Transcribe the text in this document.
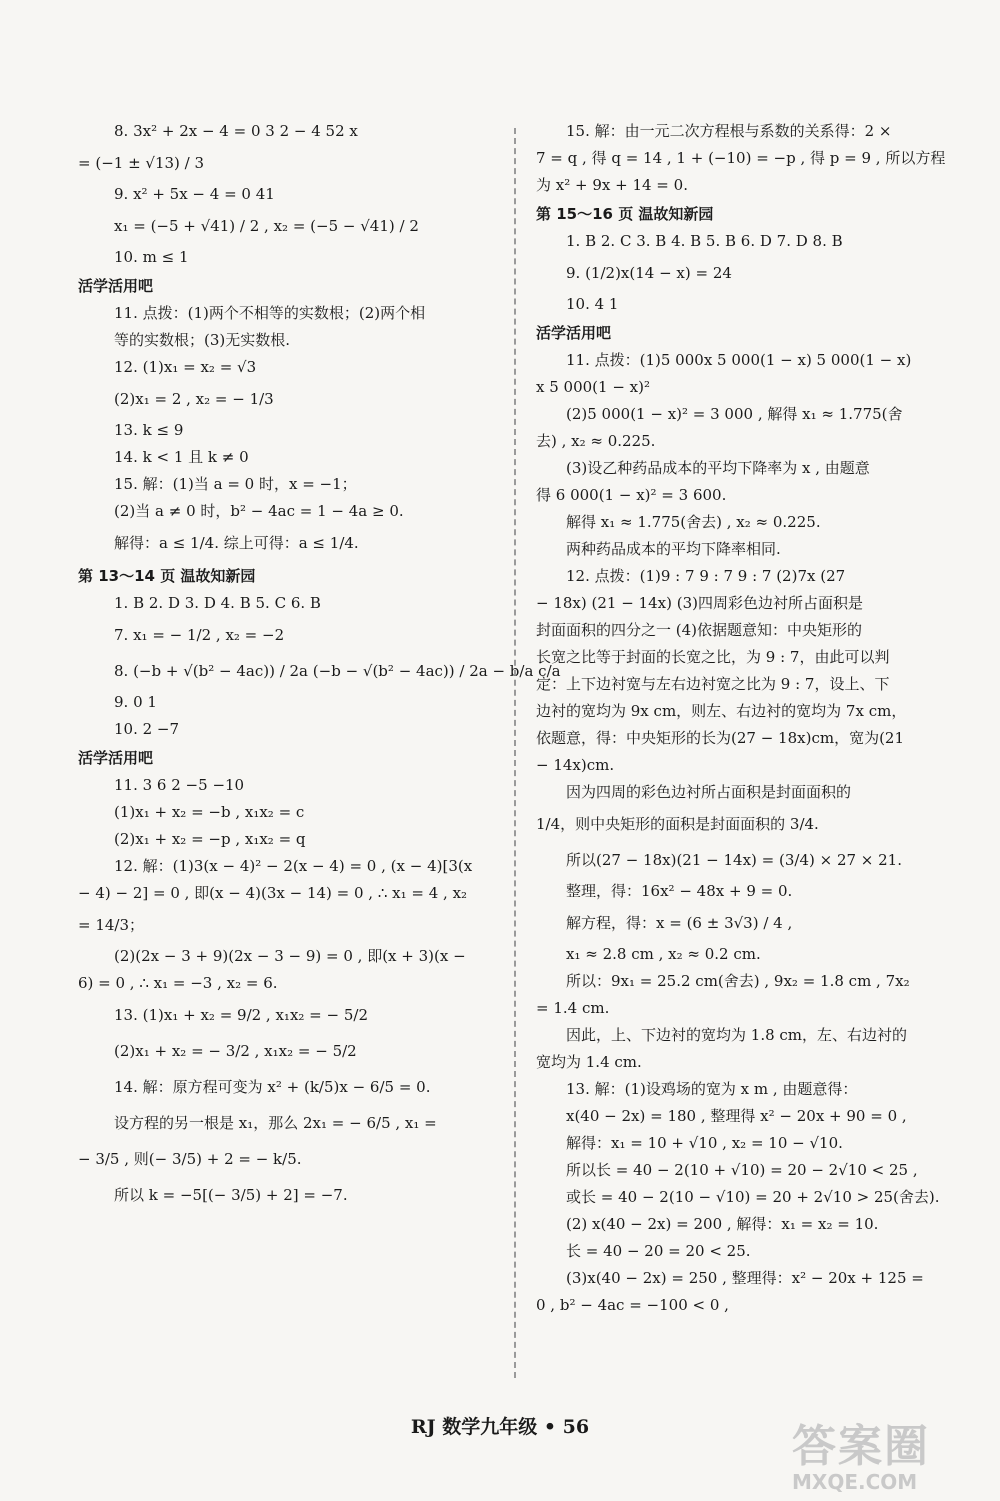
8. 3x² + 2x − 4 = 0 3 2 − 4 52 x
= (−1 ± √13) / 3
9. x² + 5x − 4 = 0 41
x₁ = (−5 + √41) / 2 , x₂ = (−5 − √41) / 2
10. m ≤ 1
活学活用吧
11. 点拨：(1)两个不相等的实数根；(2)两个相
等的实数根；(3)无实数根.
12. (1)x₁ = x₂ = √3
(2)x₁ = 2 , x₂ = − 1/3
13. k ≤ 9
14. k < 1 且 k ≠ 0
15. 解：(1)当 a = 0 时，x = −1；
(2)当 a ≠ 0 时，b² − 4ac = 1 − 4a ≥ 0.
解得：a ≤ 1/4. 综上可得：a ≤ 1/4.
第 13～14 页 温故知新园
1. B 2. D 3. D 4. B 5. C 6. B
7. x₁ = − 1/2 , x₂ = −2
8. (−b + √(b² − 4ac)) / 2a (−b − √(b² − 4ac)) / 2a − b/a c/a
9. 0 1
10. 2 −7
活学活用吧
11. 3 6 2 −5 −10
(1)x₁ + x₂ = −b , x₁x₂ = c
(2)x₁ + x₂ = −p , x₁x₂ = q
12. 解：(1)3(x − 4)² − 2(x − 4) = 0 , (x − 4)[3(x
− 4) − 2] = 0 , 即(x − 4)(3x − 14) = 0 , ∴ x₁ = 4 , x₂
= 14/3；
(2)(2x − 3 + 9)(2x − 3 − 9) = 0 , 即(x + 3)(x −
6) = 0 , ∴ x₁ = −3 , x₂ = 6.
13. (1)x₁ + x₂ = 9/2 , x₁x₂ = − 5/2
(2)x₁ + x₂ = − 3/2 , x₁x₂ = − 5/2
14. 解：原方程可变为 x² + (k/5)x − 6/5 = 0.
设方程的另一根是 x₁，那么 2x₁ = − 6/5 , x₁ =
− 3/5 , 则(− 3/5) + 2 = − k/5.
所以 k = −5[(− 3/5) + 2] = −7.
15. 解：由一元二次方程根与系数的关系得：2 ×
7 = q , 得 q = 14 , 1 + (−10) = −p , 得 p = 9 , 所以方程
为 x² + 9x + 14 = 0.
第 15～16 页 温故知新园
1. B 2. C 3. B 4. B 5. B 6. D 7. D 8. B
9. (1/2)x(14 − x) = 24
10. 4 1
活学活用吧
11. 点拨：(1)5 000x 5 000(1 − x) 5 000(1 − x)
x 5 000(1 − x)²
(2)5 000(1 − x)² = 3 000 , 解得 x₁ ≈ 1.775(舍
去) , x₂ ≈ 0.225.
(3)设乙种药品成本的平均下降率为 x , 由题意
得 6 000(1 − x)² = 3 600.
解得 x₁ ≈ 1.775(舍去) , x₂ ≈ 0.225.
两种药品成本的平均下降率相同.
12. 点拨：(1)9 : 7 9 : 7 9 : 7 (2)7x (27
− 18x) (21 − 14x) (3)四周彩色边衬所占面积是
封面面积的四分之一 (4)依据题意知：中央矩形的
长宽之比等于封面的长宽之比，为 9 : 7，由此可以判
定：上下边衬宽与左右边衬宽之比为 9 : 7，设上、下
边衬的宽均为 9x cm，则左、右边衬的宽均为 7x cm，
依题意，得：中央矩形的长为(27 − 18x)cm，宽为(21
− 14x)cm.
因为四周的彩色边衬所占面积是封面面积的
1/4，则中央矩形的面积是封面面积的 3/4.
所以(27 − 18x)(21 − 14x) = (3/4) × 27 × 21.
整理，得：16x² − 48x + 9 = 0.
解方程，得：x = (6 ± 3√3) / 4 ,
x₁ ≈ 2.8 cm , x₂ ≈ 0.2 cm.
所以：9x₁ = 25.2 cm(舍去) , 9x₂ = 1.8 cm , 7x₂
= 1.4 cm.
因此，上、下边衬的宽均为 1.8 cm，左、右边衬的
宽均为 1.4 cm.
13. 解：(1)设鸡场的宽为 x m , 由题意得：
x(40 − 2x) = 180 , 整理得 x² − 20x + 90 = 0 ,
解得：x₁ = 10 + √10 , x₂ = 10 − √10.
所以长 = 40 − 2(10 + √10) = 20 − 2√10 < 25 ,
或长 = 40 − 2(10 − √10) = 20 + 2√10 > 25(舍去).
(2) x(40 − 2x) = 200 , 解得：x₁ = x₂ = 10.
长 = 40 − 20 = 20 < 25.
(3)x(40 − 2x) = 250 , 整理得：x² − 20x + 125 =
0 , b² − 4ac = −100 < 0 ,
RJ 数学九年级 • 56	答案圈
MXQE.COM
